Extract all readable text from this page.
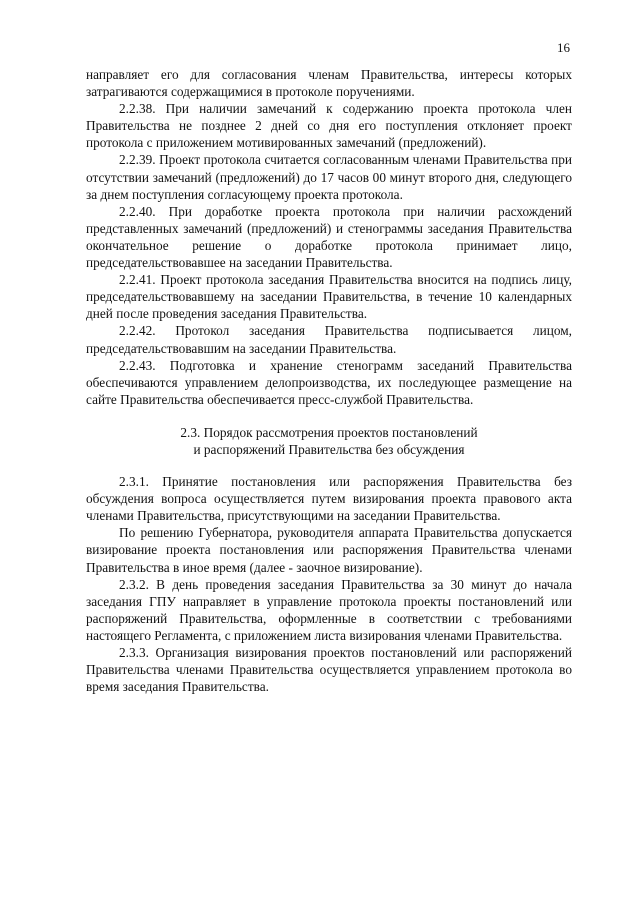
16

направляет его для согласования членам Правительства, интересы которых затрагиваются содержащимися в протоколе поручениями.

2.2.38. При наличии замечаний к содержанию проекта протокола член Правительства не позднее 2 дней со дня его поступления отклоняет проект протокола с приложением мотивированных замечаний (предложений).

2.2.39. Проект протокола считается согласованным членами Правительства при отсутствии замечаний (предложений) до 17 часов 00 минут второго дня, следующего за днем поступления согласующему проекта протокола.

2.2.40. При доработке проекта протокола при наличии расхождений представленных замечаний (предложений) и стенограммы заседания Правительства окончательное решение о доработке протокола принимает лицо, председательствовавшее на заседании Правительства.

2.2.41. Проект протокола заседания Правительства вносится на подпись лицу, председательствовавшему на заседании Правительства, в течение 10 календарных дней после проведения заседания Правительства.

2.2.42. Протокол заседания Правительства подписывается лицом, председательствовавшим на заседании Правительства.

2.2.43. Подготовка и хранение стенограмм заседаний Правительства обеспечиваются управлением делопроизводства, их последующее размещение на сайте Правительства обеспечивается пресс-службой Правительства.

2.3. Порядок рассмотрения проектов постановлений
и распоряжений Правительства без обсуждения

2.3.1. Принятие постановления или распоряжения Правительства без обсуждения вопроса осуществляется путем визирования проекта правового акта членами Правительства, присутствующими на заседании Правительства.

По решению Губернатора, руководителя аппарата Правительства допускается визирование проекта постановления или распоряжения Правительства членами Правительства в иное время (далее - заочное визирование).

2.3.2. В день проведения заседания Правительства за 30 минут до начала заседания ГПУ направляет в управление протокола проекты постановлений или распоряжений Правительства, оформленные в соответствии с требованиями настоящего Регламента, с приложением листа визирования членами Правительства.

2.3.3. Организация визирования проектов постановлений или распоряжений Правительства членами Правительства осуществляется управлением протокола во время заседания Правительства.
